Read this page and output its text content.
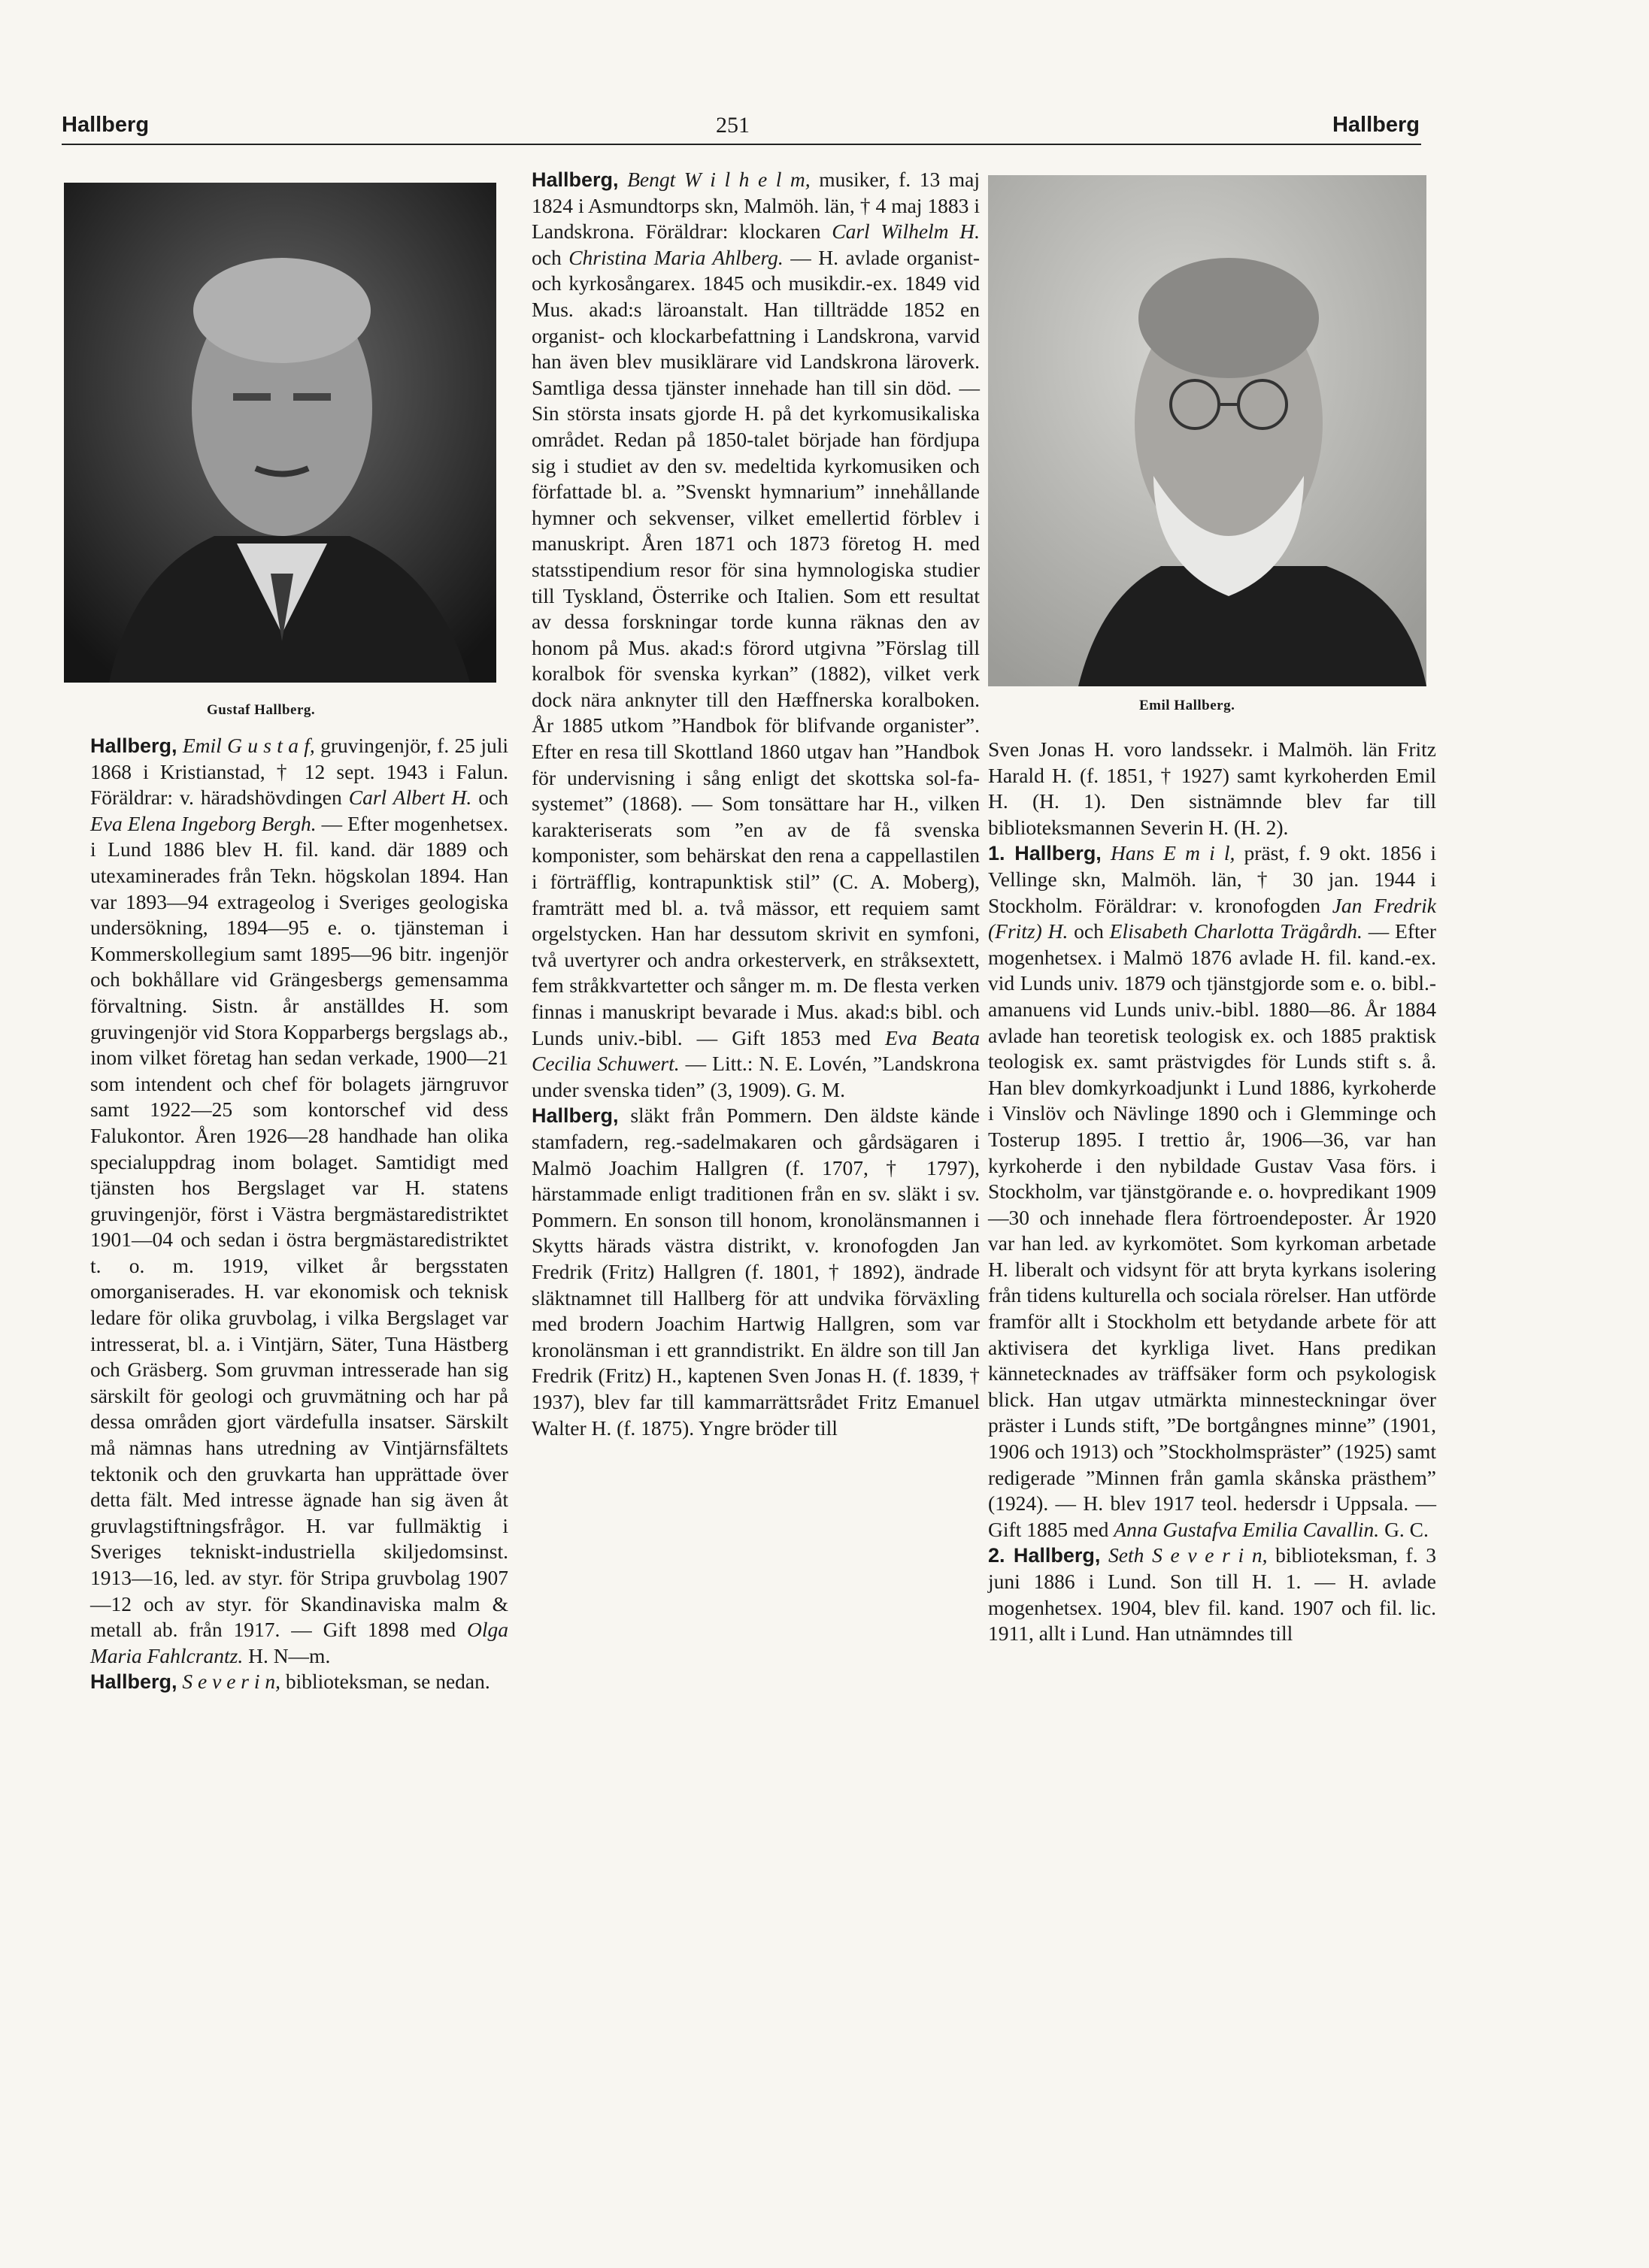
Hallberg	251	Hallberg
Gustaf Hallberg.	Emil Hallberg.

Hallberg, Emil G u s t a f, gruvingenjör, f. 25 juli 1868 i Kristianstad, † 12 sept. 1943 i Falun. Föräldrar: v. häradshövdingen Carl Albert H. och Eva Elena Ingeborg Bergh. — Efter mogenhetsex. i Lund 1886 blev H. fil. kand. där 1889 och utexaminerades från Tekn. högskolan 1894. Han var 1893—94 extrageolog i Sveriges geologiska undersökning, 1894—95 e. o. tjänsteman i Kommerskollegium samt 1895—96 bitr. ingenjör och bokhållare vid Grängesbergs gemensamma förvaltning. Sistn. år anställdes H. som gruvingenjör vid Stora Kopparbergs bergslags ab., inom vilket företag han sedan verkade, 1900—21 som intendent och chef för bolagets järngruvor samt 1922—25 som kontorschef vid dess Falukontor. Åren 1926—28 handhade han olika specialuppdrag inom bolaget. Samtidigt med tjänsten hos Bergslaget var H. statens gruvingenjör, först i Västra bergmästaredistriktet 1901—04 och sedan i östra bergmästaredistriktet t. o. m. 1919, vilket år bergsstaten omorganiserades. H. var ekonomisk och teknisk ledare för olika gruvbolag, i vilka Bergslaget var intresserat, bl. a. i Vintjärn, Säter, Tuna Hästberg och Gräsberg. Som gruvman intresserade han sig särskilt för geologi och gruvmätning och har på dessa områden gjort värdefulla insatser. Särskilt må nämnas hans utredning av Vintjärnsfältets tektonik och den gruvkarta han upprättade över detta fält. Med intresse ägnade han sig även åt gruvlagstiftningsfrågor. H. var fullmäktig i Sveriges tekniskt-industriella skiljedomsinst. 1913—16, led. av styr. för Stripa gruvbolag 1907—12 och av styr. för Skandinaviska malm & metall ab. från 1917. — Gift 1898 med Olga Maria Fahlcrantz. H. N—m.

Hallberg, S e v e r i n, biblioteksman, se nedan.

Hallberg, Bengt W i l h e l m, musiker, f. 13 maj 1824 i Asmundtorps skn, Malmöh. län, † 4 maj 1883 i Landskrona. Föräldrar: klockaren Carl Wilhelm H. och Christina Maria Ahlberg. — H. avlade organist- och kyrkosångarex. 1845 och musikdir.-ex. 1849 vid Mus. akad:s läroanstalt. Han tillträdde 1852 en organist- och klockarbefattning i Landskrona, varvid han även blev musiklärare vid Landskrona läroverk. Samtliga dessa tjänster innehade han till sin död. — Sin största insats gjorde H. på det kyrkomusikaliska området. Redan på 1850-talet började han fördjupa sig i studiet av den sv. medeltida kyrkomusiken och författade bl. a. ”Svenskt hymnarium” innehållande hymner och sekvenser, vilket emellertid förblev i manuskript. Åren 1871 och 1873 företog H. med statsstipendium resor för sina hymnologiska studier till Tyskland, Österrike och Italien. Som ett resultat av dessa forskningar torde kunna räknas den av honom på Mus. akad:s förord utgivna ”Förslag till koralbok för svenska kyrkan” (1882), vilket verk dock nära anknyter till den Hæffnerska koralboken. År 1885 utkom ”Handbok för blifvande organister”. Efter en resa till Skottland 1860 utgav han ”Handbok för undervisning i sång enligt det skottska sol-fa-systemet” (1868). — Som tonsättare har H., vilken karakteriserats som ”en av de få svenska komponister, som behärskat den rena a cappellastilen i förträfflig, kontrapunktisk stil” (C. A. Moberg), framträtt med bl. a. två mässor, ett requiem samt orgelstycken. Han har dessutom skrivit en symfoni, två uvertyrer och andra orkesterverk, en stråksextett, fem stråkkvartetter och sånger m. m. De flesta verken finnas i manuskript bevarade i Mus. akad:s bibl. och Lunds univ.-bibl. — Gift 1853 med Eva Beata Cecilia Schuwert. — Litt.: N. E. Lovén, ”Landskrona under svenska tiden” (3, 1909). G. M.

Hallberg, släkt från Pommern. Den äldste kände stamfadern, reg.-sadelmakaren och gårdsägaren i Malmö Joachim Hallgren (f. 1707, † 1797), härstammade enligt traditionen från en sv. släkt i sv. Pommern. En sonson till honom, kronolänsmannen i Skytts härads västra distrikt, v. kronofogden Jan Fredrik (Fritz) Hallgren (f. 1801, † 1892), ändrade släktnamnet till Hallberg för att undvika förväxling med brodern Joachim Hartwig Hallgren, som var kronolänsman i ett granndistrikt. En äldre son till Jan Fredrik (Fritz) H., kaptenen Sven Jonas H. (f. 1839, † 1937), blev far till kammarrättsrådet Fritz Emanuel Walter H. (f. 1875). Yngre bröder till

Sven Jonas H. voro landssekr. i Malmöh. län Fritz Harald H. (f. 1851, † 1927) samt kyrkoherden Emil H. (H. 1). Den sistnämnde blev far till biblioteksmannen Severin H. (H. 2).

1. Hallberg, Hans E m i l, präst, f. 9 okt. 1856 i Vellinge skn, Malmöh. län, † 30 jan. 1944 i Stockholm. Föräldrar: v. kronofogden Jan Fredrik (Fritz) H. och Elisabeth Charlotta Trägårdh. — Efter mogenhetsex. i Malmö 1876 avlade H. fil. kand.-ex. vid Lunds univ. 1879 och tjänstgjorde som e. o. bibl.-amanuens vid Lunds univ.-bibl. 1880—86. År 1884 avlade han teoretisk teologisk ex. och 1885 praktisk teologisk ex. samt prästvigdes för Lunds stift s. å. Han blev domkyrkoadjunkt i Lund 1886, kyrkoherde i Vinslöv och Nävlinge 1890 och i Glemminge och Tosterup 1895. I trettio år, 1906—36, var han kyrkoherde i den nybildade Gustav Vasa förs. i Stockholm, var tjänstgörande e. o. hovpredikant 1909—30 och innehade flera förtroendeposter. År 1920 var han led. av kyrkomötet. Som kyrkoman arbetade H. liberalt och vidsynt för att bryta kyrkans isolering från tidens kulturella och sociala rörelser. Han utförde framför allt i Stockholm ett betydande arbete för att aktivisera det kyrkliga livet. Hans predikan kännetecknades av träffsäker form och psykologisk blick. Han utgav utmärkta minnesteckningar över präster i Lunds stift, ”De bortgångnes minne” (1901, 1906 och 1913) och ”Stockholmspräster” (1925) samt redigerade ”Minnen från gamla skånska prästhem” (1924). — H. blev 1917 teol. hedersdr i Uppsala. — Gift 1885 med Anna Gustafva Emilia Cavallin. G. C.

2. Hallberg, Seth S e v e r i n, biblioteksman, f. 3 juni 1886 i Lund. Son till H. 1. — H. avlade mogenhetsex. 1904, blev fil. kand. 1907 och fil. lic. 1911, allt i Lund. Han utnämndes till
